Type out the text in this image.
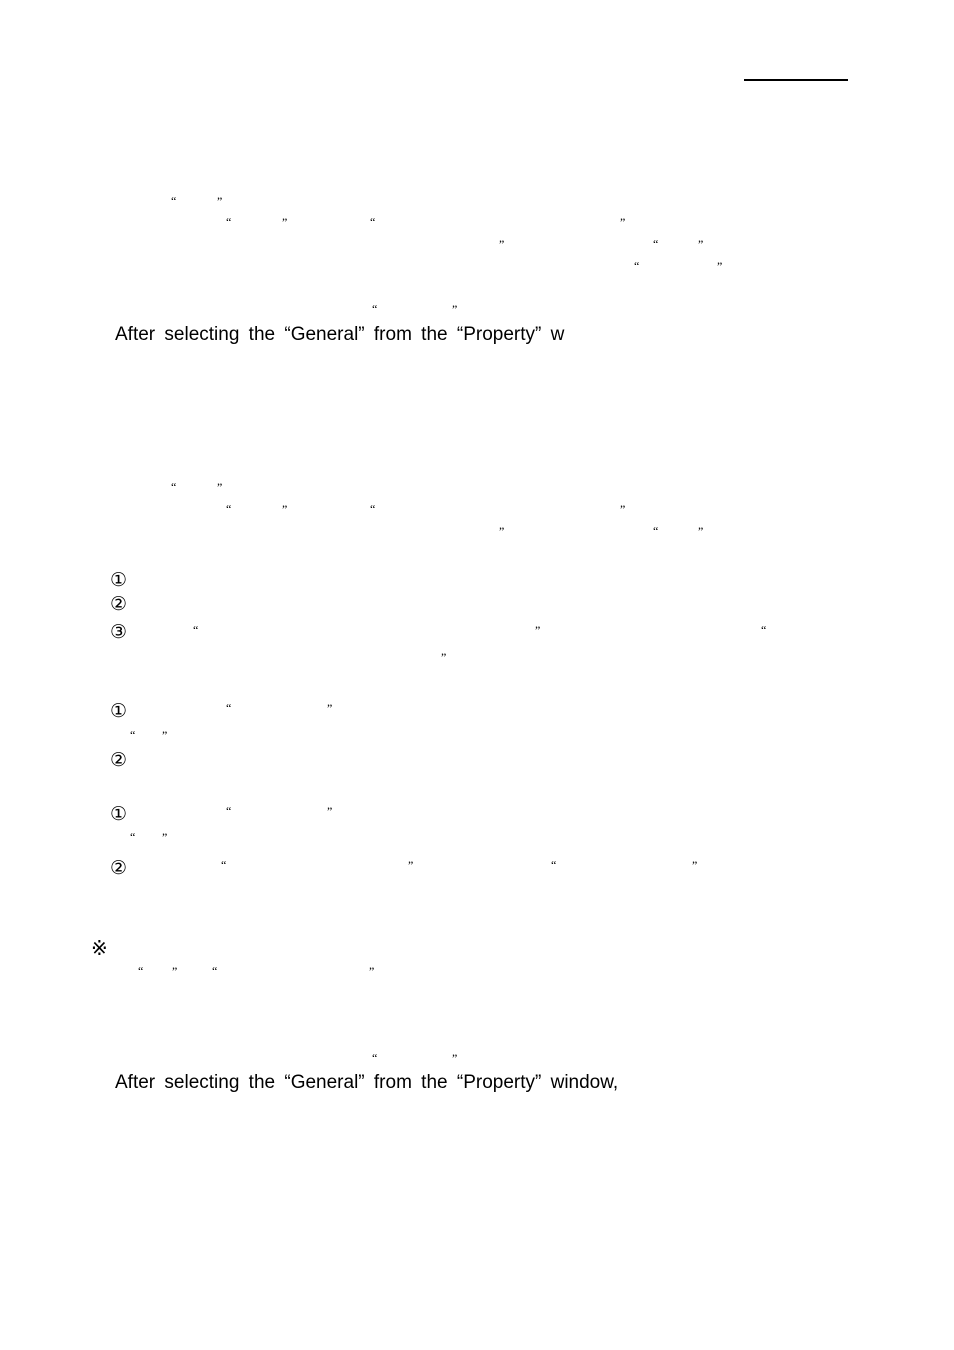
“	”
“	”	“	”
”	“	”
“	”
“	”
After selecting the “General” from the “Property” w
“	”
“	”	“	”
”	“	”
①
②
③	“	”	“
”
①	“	”
“ ”
②
①	“	”
“ ”
②	“	”	“	”
※
“ ”	“	”
“	”
After selecting the “General” from the “Property” window,
